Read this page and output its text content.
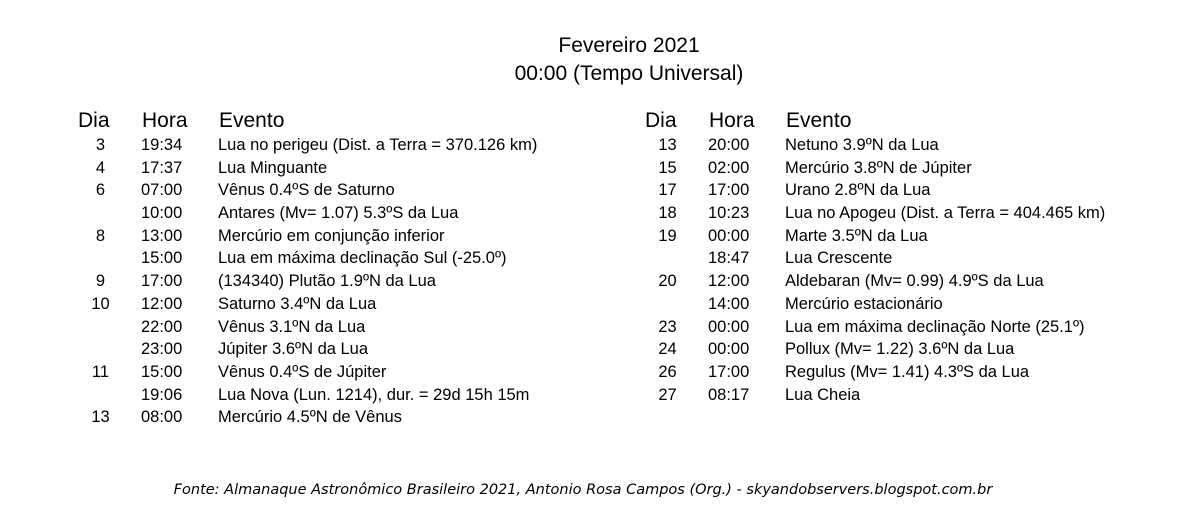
Fevereiro 2021
00:00 (Tempo Universal)
Dia Hora Evento
3	19:34 Lua no perigeu (Dist. a Terra = 370.126 km)
4	17:37 Lua Minguante
6	07:00 Vênus 0.4ºS de Saturno
10:00 Antares (Mv= 1.07) 5.3ºS da Lua
8	13:00 Mercúrio em conjunção inferior
15:00 Lua em máxima declinação Sul (-25.0º)
9	17:00 (134340) Plutão 1.9ºN da Lua
10	12:00 Saturno 3.4ºN da Lua
22:00 Vênus 3.1ºN da Lua
23:00 Júpiter 3.6ºN da Lua
11	15:00 Vênus 0.4ºS de Júpiter
19:06 Lua Nova (Lun. 1214), dur. = 29d 15h 15m
13	08:00 Mercúrio 4.5ºN de Vênus
Dia Hora Evento
13	20:00 Netuno 3.9ºN da Lua
15	02:00 Mercúrio 3.8ºN de Júpiter
17	17:00 Urano 2.8ºN da Lua
18	10:23 Lua no Apogeu (Dist. a Terra = 404.465 km)
19	00:00 Marte 3.5ºN da Lua
18:47 Lua Crescente
20	12:00 Aldebaran (Mv= 0.99) 4.9ºS da Lua
14:00 Mercúrio estacionário
23	00:00 Lua em máxima declinação Norte (25.1º)
24	00:00 Pollux (Mv= 1.22) 3.6ºN da Lua
26	17:00 Regulus (Mv= 1.41) 4.3ºS da Lua
27	08:17 Lua Cheia
Fonte: Almanaque Astronômico Brasileiro 2021, Antonio Rosa Campos (Org.) - skyandobservers.blogspot.com.br
